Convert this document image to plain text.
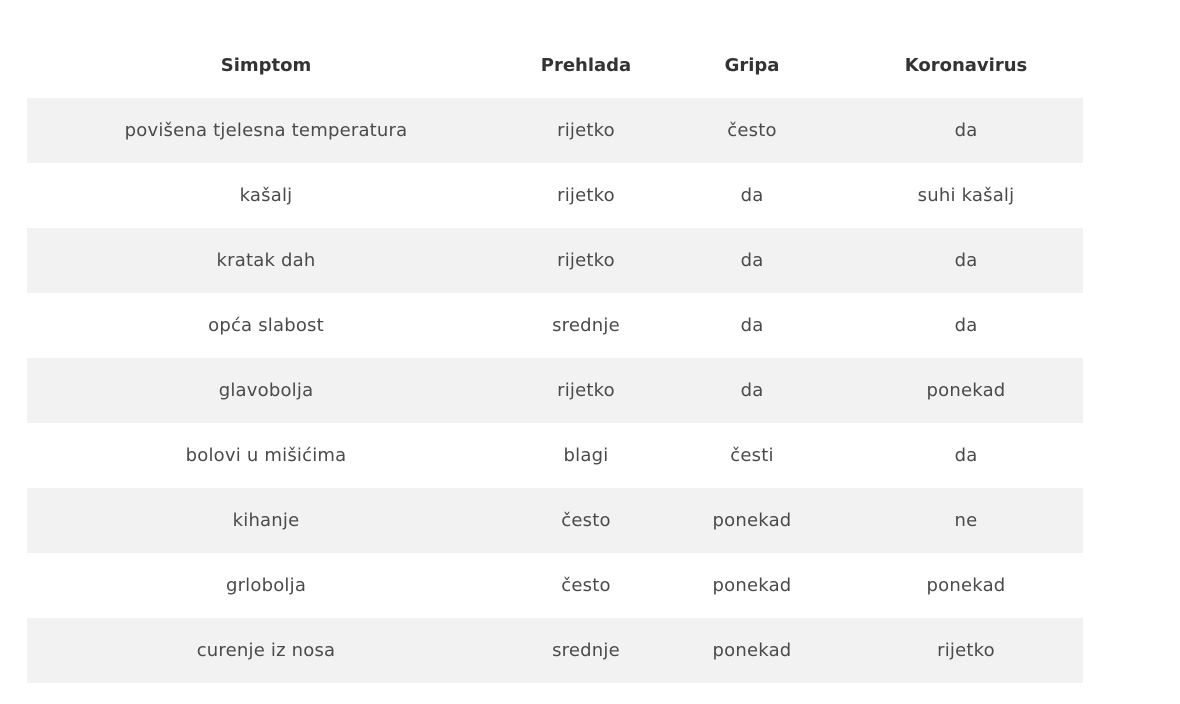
Simptom	Prehlada	Gripa	Koronavirus
povišena tjelesna temperatura	rijetko	često	da
kašalj	rijetko	da	suhi kašalj
kratak dah	rijetko	da	da
opća slabost	srednje	da	da
glavobolja	rijetko	da	ponekad
bolovi u mišićima	blagi	česti	da
kihanje	često	ponekad	ne
grlobolja	često	ponekad	ponekad
curenje iz nosa	srednje	ponekad	rijetko
